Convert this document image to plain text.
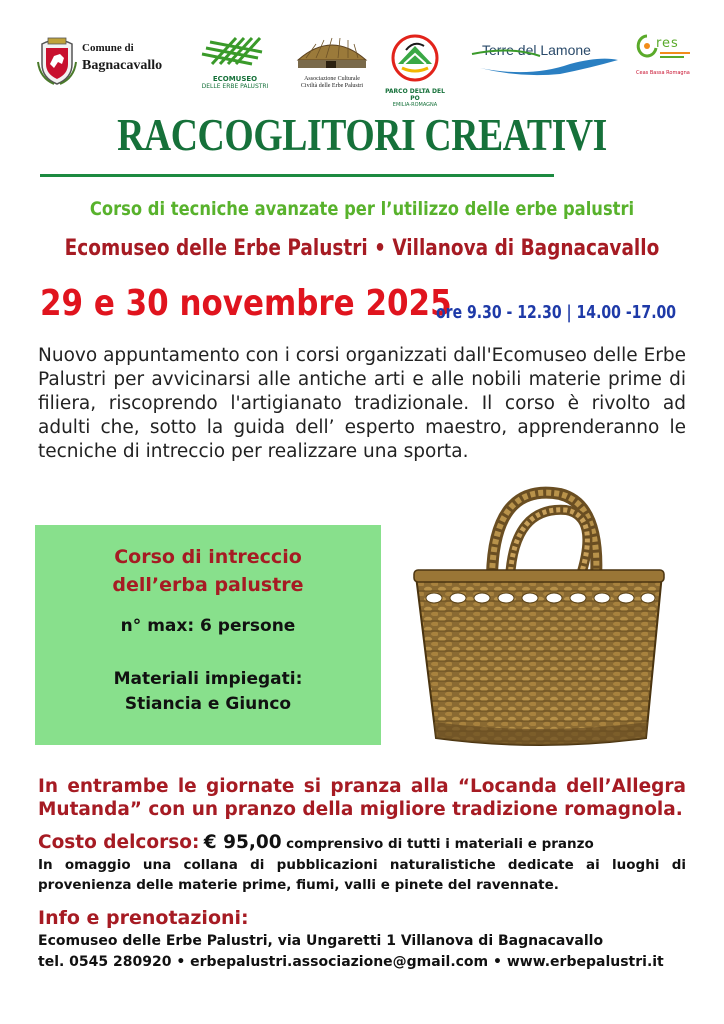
Comune di
Bagnacavallo
ECOMUSEO
DELLE ERBE PALUSTRI
Associazione Culturale
Civiltà delle Erbe Palustri
PARCO DELTA DEL PO
EMILIA-ROMAGNA
Terre del Lamone	res
Ceas Bassa Romagna
RACCOGLITORI CREATIVI
Corso di tecniche avanzate per l’utilizzo delle erbe palustri
Ecomuseo delle Erbe Palustri • Villanova di Bagnacavallo
29 e 30 novembre 2025
ore 9.30 - 12.30 | 14.00 -17.00
Nuovo appuntamento con i corsi organizzati dall'Ecomuseo delle Erbe Palustri per avvicinarsi alle antiche arti e alle nobili materie prime di filiera, riscoprendo l'artigianato tradizionale. Il corso è rivolto ad adulti che, sotto la guida dell’ esperto maestro, apprenderanno le tecniche di intreccio per realizzare una sporta.
Corso di intreccio
dell’erba palustre
n° max: 6 persone
Materiali impiegati:
Stiancia e Giunco
In entrambe le giornate si pranza alla “Locanda dell’Allegra Mutanda” con un pranzo della migliore tradizione romagnola.
Costo delcorso: € 95,00 comprensivo di tutti i materiali e pranzo
In omaggio una collana di pubblicazioni naturalistiche dedicate ai luoghi di provenienza delle materie prime, fiumi, valli e pinete del ravennate.
Info e prenotazioni:
Ecomuseo delle Erbe Palustri, via Ungaretti 1 Villanova di Bagnacavallo
tel. 0545 280920 • erbepalustri.associazione@gmail.com • www.erbepalustri.it
